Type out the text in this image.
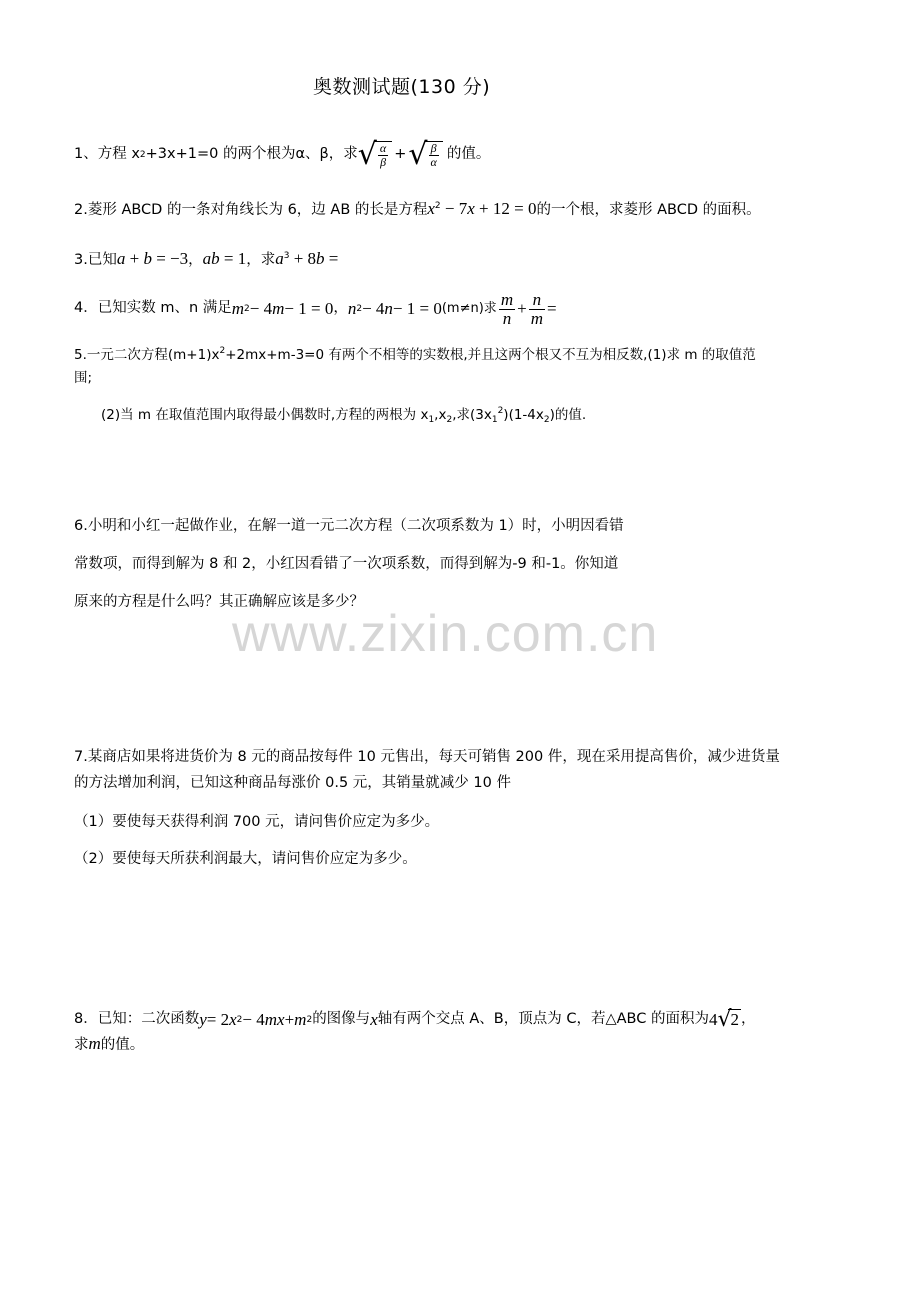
奥数测试题(130 分)
1、方程 x 2 +3x+1=0 的两个根为α、β，求 √ $\frac{\alpha}{\beta}$ + √ $\frac{\beta}{\alpha}$ 的值。
2.菱形 ABCD 的一条对角线长为 6，边 AB 的长是方程$x^2 - 7x + 12 = 0$的一个根，求菱形 ABCD 的面积。
3.已知a + b = −3，ab = 1，求$a^3 + 8b$ =
4．已知实数 m、n 满足 m 2 − 4 m − 1 = 0 ， n 2 − 4 n − 1 = 0 (m≠n)求 $\frac{m}{n} + \frac{n}{m}$ =
5.一元二次方程$(m+1)x^2+2mx+m-3=0$ 有两个不相等的实数根,并且这两个根又不互为相反数,(1)求 m 的取值范
围;
(2)当 m 在取值范围内取得最小偶数时,方程的两根为 $x_1,x_2$,求$(3x_1^2)(1-4x_2)$的值.
6.小明和小红一起做作业，在解一道一元二次方程（二次项系数为 1）时，小明因看错
常数项，而得到解为 8 和 2，小红因看错了一次项系数，而得到解为-9 和-1。你知道
原来的方程是什么吗？其正确解应该是多少？
www.zixin.com.cn
7.某商店如果将进货价为 8 元的商品按每件 10 元售出，每天可销售 200 件，现在采用提高售价，减少进货量
的方法增加利润，已知这种商品每涨价 0.5 元，其销量就减少 10 件
（1）要使每天获得利润 700 元，请问售价应定为多少。
（2）要使每天所获利润最大，请问售价应定为多少。
8．已知：二次函数 y = 2 x 2 − 4 mx + m 2 的图像与 x 轴有两个交点 A、B，顶点为 C，若△ABC 的面积为 4 √2 ，
求m的值。
